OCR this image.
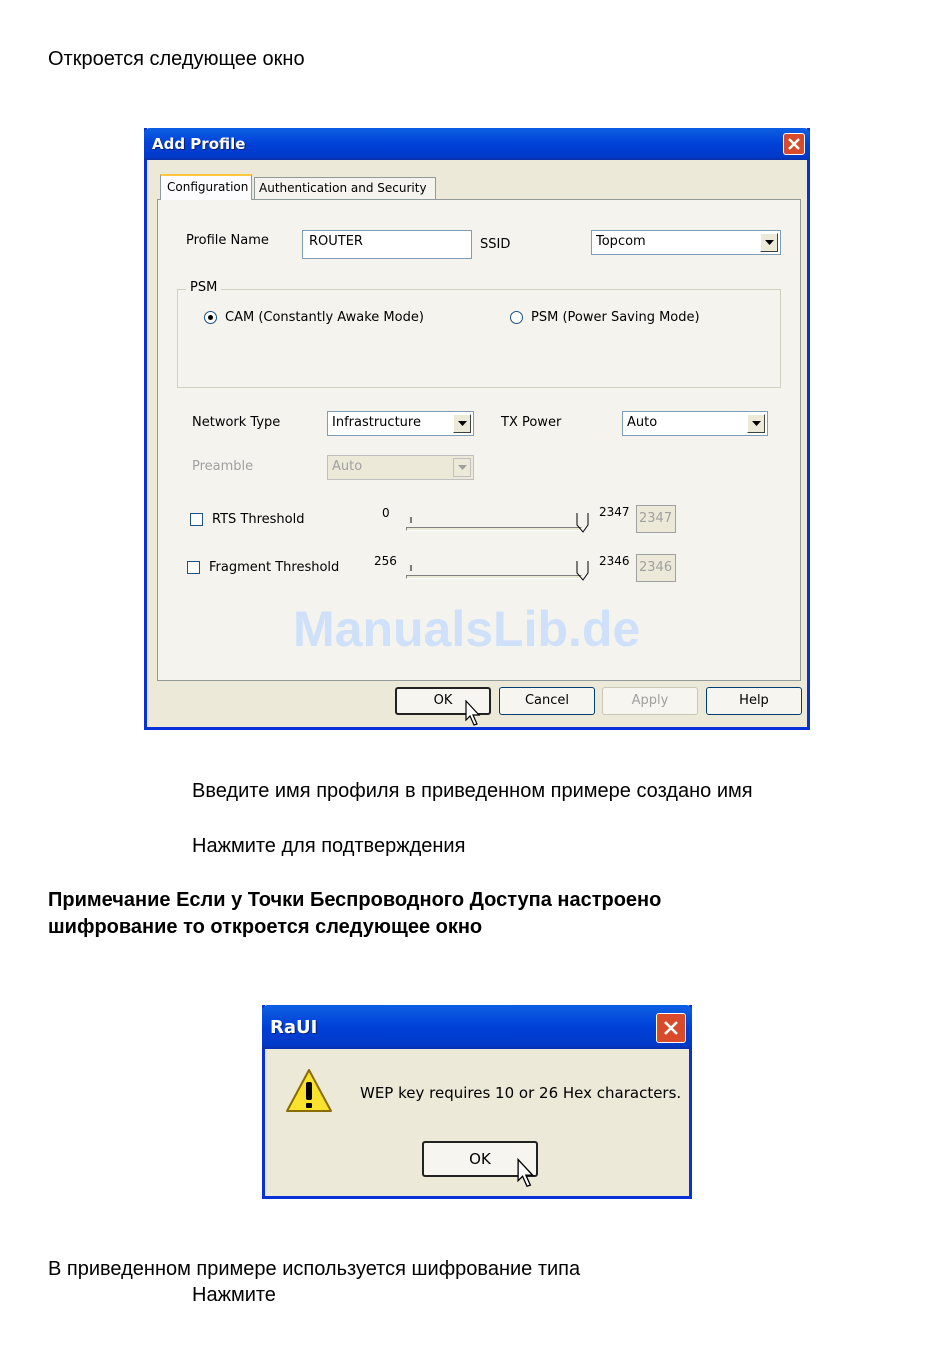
Откроется следующее окно
Add Profile
Configuration Authentication and Security
Profile Name	ROUTER	SSID	Topcom
PSM
CAM (Constantly Awake Mode)	PSM (Power Saving Mode)
Network Type	Infrastructure	TX Power	Auto
Preamble	Auto
RTS Threshold	0	2347 2347
Fragment Threshold	256	2346 2346
ManualsLib.de
OK	Cancel	Apply	Help
Введите имя профиля в приведенном примере создано имя
Нажмите для подтверждения
Примечание Если у Точки Беспроводного Доступа настроено
шифрование то откроется следующее окно
RaUI
WEP key requires 10 or 26 Hex characters.
OK
В приведенном примере используется шифрование типа
Нажмите
